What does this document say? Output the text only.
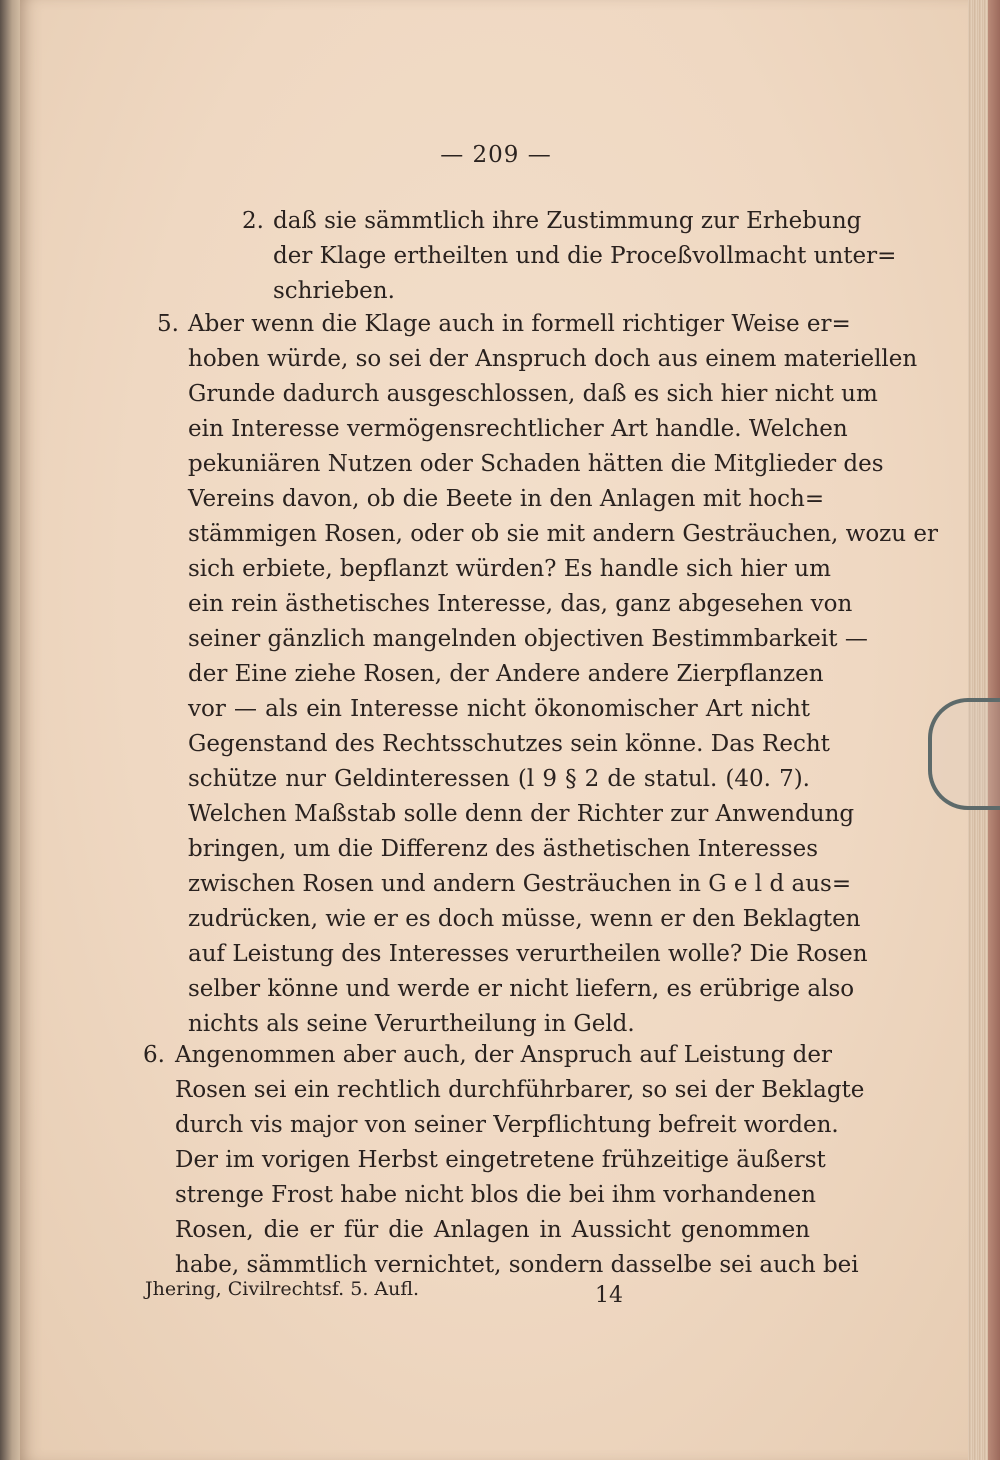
— 209 —
2. daß sie sämmtlich ihre Zustimmung zur Erhebung
der Klage ertheilten und die Proceßvollmacht unter=
schrieben.
5. Aber wenn die Klage auch in formell richtiger Weise er=
hoben würde, so sei der Anspruch doch aus einem materiellen
Grunde dadurch ausgeschlossen, daß es sich hier nicht um
ein Interesse vermögensrechtlicher Art handle. Welchen
pekuniären Nutzen oder Schaden hätten die Mitglieder des
Vereins davon, ob die Beete in den Anlagen mit hoch=
stämmigen Rosen, oder ob sie mit andern Gesträuchen, wozu er
sich erbiete, bepflanzt würden? Es handle sich hier um
ein rein ästhetisches Interesse, das, ganz abgesehen von
seiner gänzlich mangelnden objectiven Bestimmbarkeit —
der Eine ziehe Rosen, der Andere andere Zierpflanzen
vor — als ein Interesse nicht ökonomischer Art nicht
Gegenstand des Rechtsschutzes sein könne. Das Recht
schütze nur Geldinteressen (l 9 § 2 de statul. (40. 7).
Welchen Maßstab solle denn der Richter zur Anwendung
bringen, um die Differenz des ästhetischen Interesses
zwischen Rosen und andern Gesträuchen in G e l d aus=
zudrücken, wie er es doch müsse, wenn er den Beklagten
auf Leistung des Interesses verurtheilen wolle? Die Rosen
selber könne und werde er nicht liefern, es erübrige also
nichts als seine Verurtheilung in Geld.
6. Angenommen aber auch, der Anspruch auf Leistung der
Rosen sei ein rechtlich durchführbarer, so sei der Beklagte
durch vis major von seiner Verpflichtung befreit worden.
Der im vorigen Herbst eingetretene frühzeitige äußerst
strenge Frost habe nicht blos die bei ihm vorhandenen
Rosen, die er für die Anlagen in Aussicht genommen
habe, sämmtlich vernichtet, sondern dasselbe sei auch bei
Jhering, Civilrechtsf. 5. Aufl.	14
